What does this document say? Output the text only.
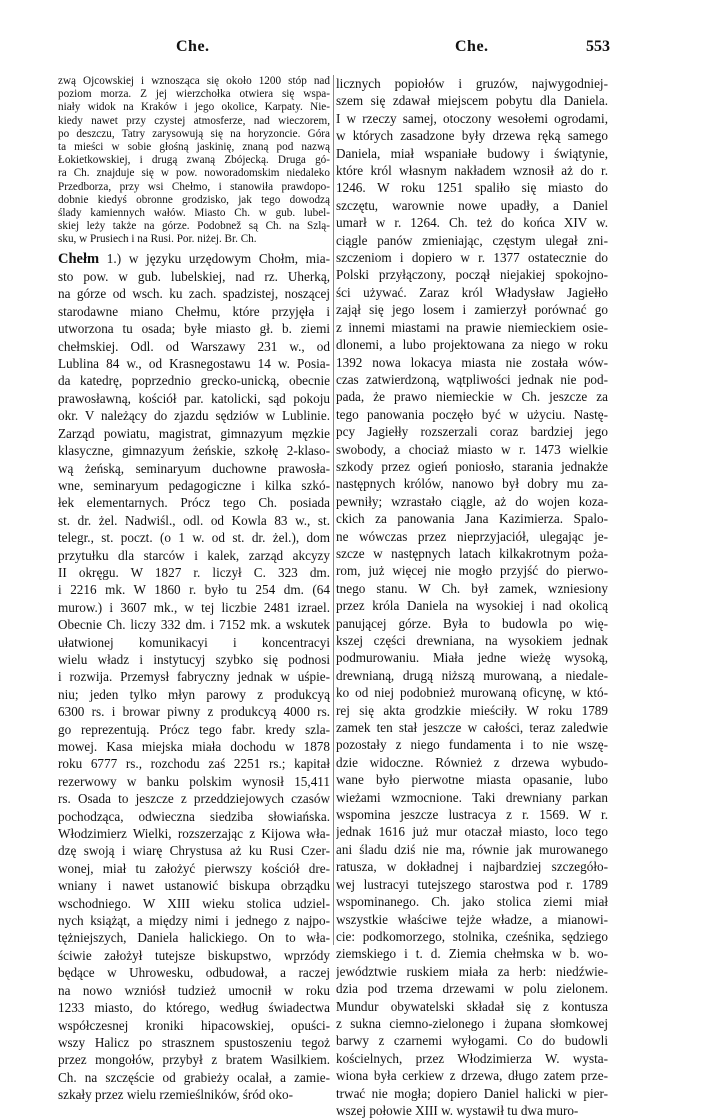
Che.	Che.	553
zwą Ojcowskiej i wznosząca się około 1200 stóp nad
poziom morza. Z jej wierzchołka otwiera się wspa-
niały widok na Kraków i jego okolice, Karpaty. Nie-
kiedy nawet przy czystej atmosferze, nad wieczorem,
po deszczu, Tatry zarysowują się na horyzoncie. Góra
ta mieści w sobie głośną jaskinię, znaną pod nazwą
Łokietkowskiej, i drugą zwaną Zbójecką. Druga gó-
ra Ch. znajduje się w pow. noworadomskim niedaleko
Przedborza, przy wsi Chełmo, i stanowiła prawdopo-
dobnie kiedyś obronne grodzisko, jak tego dowodzą
ślady kamiennych wałów. Miasto Ch. w gub. lubel-
skiej leży także na górze. Podobnež są Ch. na Szlą-
sku, w Prusiech i na Rusi. Por. niżej. Br. Ch.
Chełm 1.) w języku urzędowym Chołm, mia-
sto pow. w gub. lubelskiej, nad rz. Uherką,
na górze od wsch. ku zach. spadzistej, noszącej
starodawne miano Chełmu, które przyjęła i
utworzona tu osada; byłe miasto gł. b. ziemi
chełmskiej. Odl. od Warszawy 231 w., od
Lublina 84 w., od Krasnegostawu 14 w. Posia-
da katedrę, poprzednio grecko-unicką, obecnie
prawosławną, kościół par. katolicki, sąd pokoju
okr. V należący do zjazdu sędziów w Lublinie.
Zarząd powiatu, magistrat, gimnazyum męzkie
klasyczne, gimnazyum żeńskie, szkołę 2-klaso-
wą żeńską, seminaryum duchowne prawosła-
wne, seminaryum pedagogiczne i kilka szkó-
łek elementarnych. Prócz tego Ch. posiada
st. dr. żel. Nadwiśl., odl. od Kowla 83 w., st.
telegr., st. poczt. (o 1 w. od st. dr. żel.), dom
przytułku dla starców i kalek, zarząd akcyzy
II okręgu. W 1827 r. liczył C. 323 dm.
i 2216 mk. W 1860 r. było tu 254 dm. (64
murow.) i 3607 mk., w tej liczbie 2481 izrael.
Obecnie Ch. liczy 332 dm. i 7152 mk. a wskutek
ułatwionej komunikacyi i koncentracyi
wielu władz i instytucyj szybko się podnosi
i rozwija. Przemysł fabryczny jednak w uśpie-
niu; jeden tylko młyn parowy z produkcyą
6300 rs. i browar piwny z produkcyą 4000 rs.
go reprezentują. Prócz tego fabr. kredy szla-
mowej. Kasa miejska miała dochodu w 1878
roku 6777 rs., rozchodu zaś 2251 rs.; kapitał
rezerwowy w banku polskim wynosił 15,411
rs. Osada to jeszcze z przeddziejowych czasów
pochodząca, odwieczna siedziba słowiańska.
Włodzimierz Wielki, rozszerzając z Kijowa wła-
dzę swoją i wiarę Chrystusa aż ku Rusi Czer-
wonej, miał tu założyć pierwszy kościół dre-
wniany i nawet ustanowić biskupa obrządku
wschodniego. W XIII wieku stolica udziel-
nych książąt, a między nimi i jednego z najpo-
tężniejszych, Daniela halickiego. On to wła-
ściwie założył tutejsze biskupstwo, wprzódy
będące w Uhrowesku, odbudował, a raczej
na nowo wzniósł tudzież umocnił w roku
1233 miasto, do którego, według świadectwa
współczesnej kroniki hipacowskiej, opuści-
wszy Halicz po strasznem spustoszeniu tegoż
przez mongołów, przybył z bratem Wasilkiem.
Ch. na szczęście od grabieży ocalał, a zamie-
szkały przez wielu rzemieślników, śród oko-
licznych popiołów i gruzów, najwygodniej-
szem się zdawał miejscem pobytu dla Daniela.
I w rzeczy samej, otoczony wesołemi ogrodami,
w których zasadzone były drzewa ręką samego
Daniela, miał wspaniałe budowy i świątynie,
które król własnym nakładem wznosił aż do r.
1246. W roku 1251 spaliło się miasto do
szczętu, warownie nowe upadły, a Daniel
umarł w r. 1264. Ch. też do końca XIV w.
ciągle panów zmieniając, częstym ulegał zni-
szczeniom i dopiero w r. 1377 ostatecznie do
Polski przyłączony, począł niejakiej spokojno-
ści używać. Zaraz król Władysław Jagiełło
zajął się jego losem i zamierzył porównać go
z innemi miastami na prawie niemieckiem osie-
dlonemi, a lubo projektowana za niego w roku
1392 nowa lokacya miasta nie została wów-
czas zatwierdzoną, wątpliwości jednak nie pod-
pada, że prawo niemieckie w Ch. jeszcze za
tego panowania poczęło być w użyciu. Nastę-
pcy Jagiełły rozszerzali coraz bardziej jego
swobody, a chociaż miasto w r. 1473 wielkie
szkody przez ogień poniosło, starania jednakże
następnych królów, nanowo był dobry mu za-
pewniły; wzrastało ciągle, aż do wojen koza-
ckich za panowania Jana Kazimierza. Spalo-
ne wówczas przez nieprzyjaciół, ulegając je-
szcze w następnych latach kilkakrotnym poża-
rom, już więcej nie mogło przyjść do pierwo-
tnego stanu. W Ch. był zamek, wzniesiony
przez króla Daniela na wysokiej i nad okolicą
panującej górze. Była to budowla po wię-
kszej części drewniana, na wysokiem jednak
podmurowaniu. Miała jedne wieżę wysoką,
drewnianą, drugą niższą murowaną, a niedale-
ko od niej podobnież murowaną oficynę, w któ-
rej się akta grodzkie mieściły. W roku 1789
zamek ten stał jeszcze w całości, teraz zaledwie
pozostały z niego fundamenta i to nie wszę-
dzie widoczne. Również z drzewa wybudo-
wane było pierwotne miasta opasanie, lubo
wieżami wzmocnione. Taki drewniany parkan
wspomina jeszcze lustracya z r. 1569. W r.
jednak 1616 już mur otaczał miasto, loco tego
ani śladu dziś nie ma, równie jak murowanego
ratusza, w dokładnej i najbardziej szczegóło-
wej lustracyi tutejszego starostwa pod r. 1789
wspominanego. Ch. jako stolica ziemi miał
wszystkie właściwe tejże władze, a mianowi-
cie: podkomorzego, stolnika, cześnika, sędziego
ziemskiego i t. d. Ziemia chełmska w b. wo-
jewództwie ruskiem miała za herb: niedźwie-
dzia pod trzema drzewami w polu zielonem.
Mundur obywatelski składał się z kontusza
z sukna ciemno-zielonego i żupana słomkowej
barwy z czarnemi wyłogami. Co do budowli
kościelnych, przez Włodzimierza W. wysta-
wiona była cerkiew z drzewa, długo zatem prze-
trwać nie mogła; dopiero Daniel halicki w pier-
wszej połowie XIII w. wystawił tu dwa muro-
